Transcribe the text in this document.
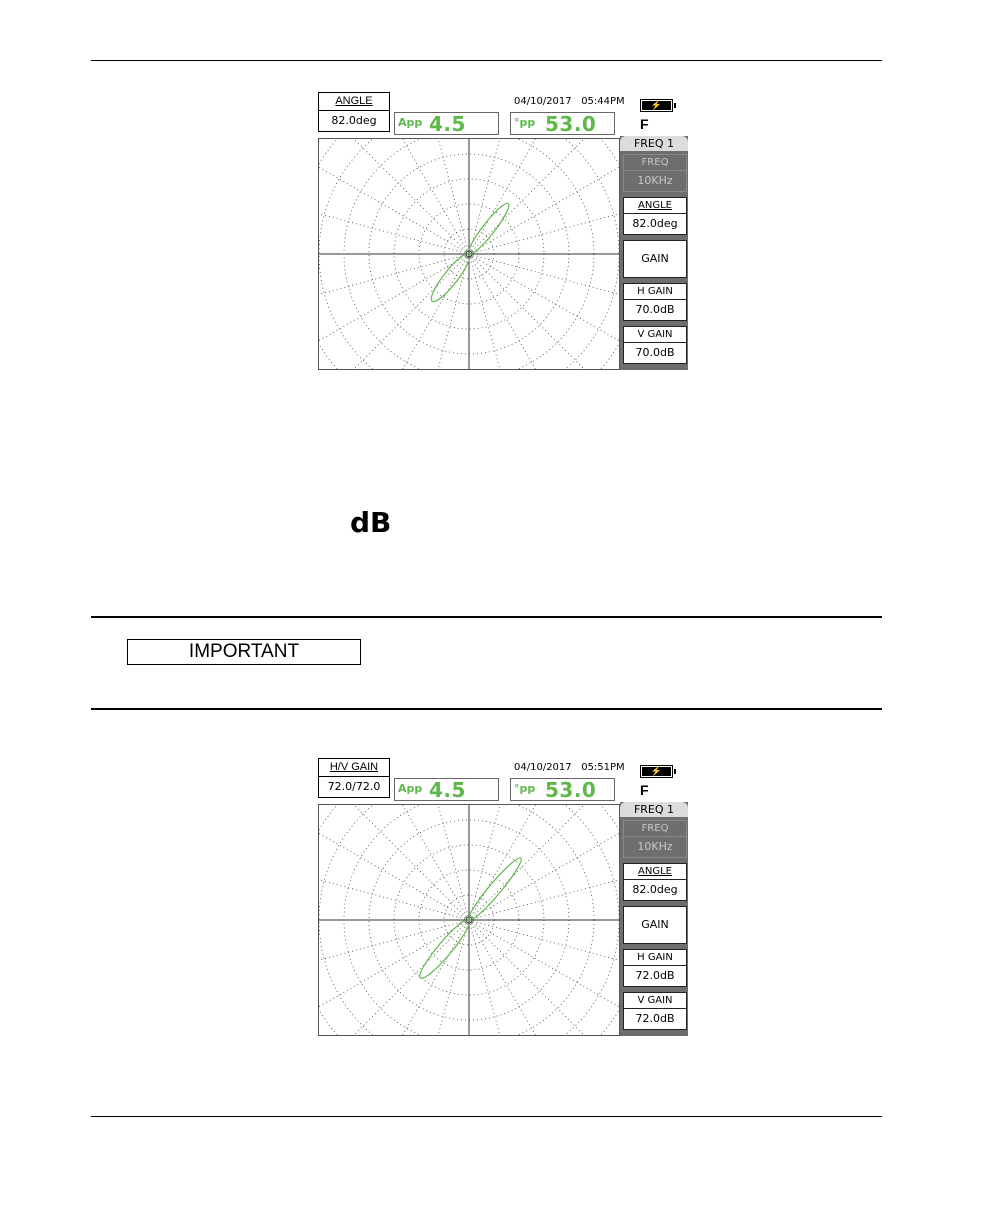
ANGLE
82.0deg	App 4.5	°pp 53.0
04/10/2017 05:44PM	⚡
F
FREQ 1
FREQ
10KHz
ANGLE
82.0deg
GAIN
H GAIN
70.0dB
V GAIN
70.0dB
dB
IMPORTANT
H/V GAIN
72.0/72.0	App 4.5	°pp 53.0
04/10/2017 05:51PM	⚡
F
FREQ 1
FREQ
10KHz
ANGLE
82.0deg
GAIN
H GAIN
72.0dB
V GAIN
72.0dB
